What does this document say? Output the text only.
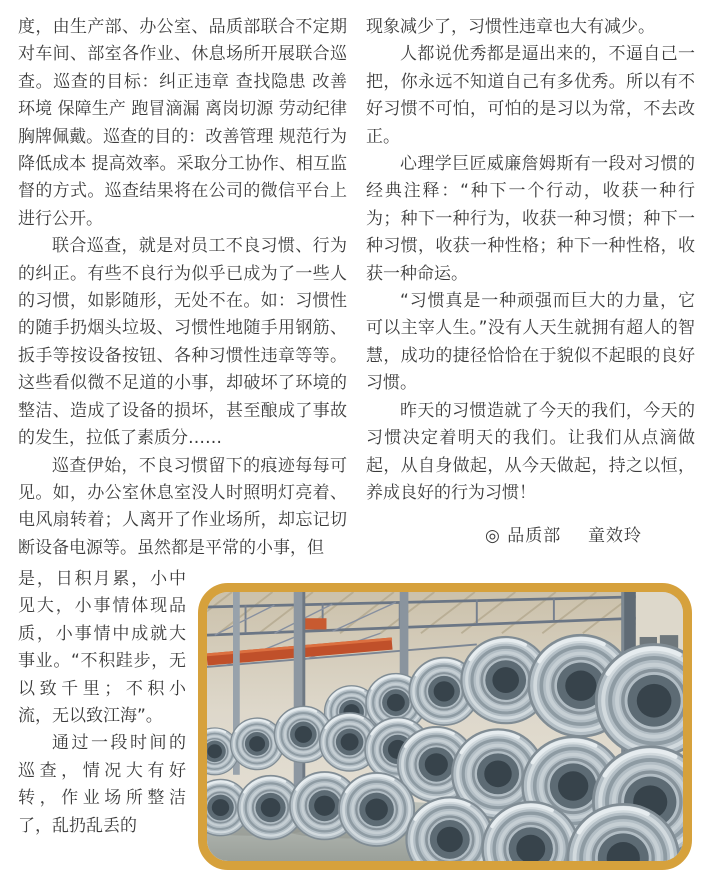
度，由生产部、办公室、品质部联合不定期对车间、部室各作业、休息场所开展联合巡查。巡查的目标：纠正违章 查找隐患 改善环境 保障生产 跑冒滴漏 离岗切源 劳动纪律 胸牌佩戴。巡查的目的：改善管理 规范行为 降低成本 提高效率。采取分工协作、相互监督的方式。巡查结果将在公司的微信平台上进行公开。

联合巡查，就是对员工不良习惯、行为的纠正。有些不良行为似乎已成为了一些人的习惯，如影随形，无处不在。如：习惯性的随手扔烟头垃圾、习惯性地随手用钢筋、扳手等按设备按钮、各种习惯性违章等等。这些看似微不足道的小事，却破坏了环境的整洁、造成了设备的损坏，甚至酿成了事故的发生，拉低了素质分……

巡查伊始，不良习惯留下的痕迹每每可见。如，办公室休息室没人时照明灯亮着、电风扇转着；人离开了作业场所，却忘记切断设备电源等。虽然都是平常的小事，但

是，日积月累，小中见大，小事情体现品质，小事情中成就大事业。“不积跬步，无以致千里；不积小流，无以致江海”。

通过一段时间的巡查，情况大有好转，作业场所整洁了，乱扔乱丢的

现象减少了，习惯性违章也大有减少。

人都说优秀都是逼出来的，不逼自己一把，你永远不知道自己有多优秀。所以有不好习惯不可怕，可怕的是习以为常，不去改正。

心理学巨匠威廉詹姆斯有一段对习惯的经典注释：“种下一个行动，收获一种行为；种下一种行为，收获一种习惯；种下一种习惯，收获一种性格；种下一种性格，收获一种命运。

“习惯真是一种顽强而巨大的力量，它可以主宰人生。”没有人天生就拥有超人的智慧，成功的捷径恰恰在于貌似不起眼的良好习惯。

昨天的习惯造就了今天的我们，今天的习惯决定着明天的我们。让我们从点滴做起，从自身做起，从今天做起，持之以恒，养成良好的行为习惯！

◎ 品质部 童效玲
